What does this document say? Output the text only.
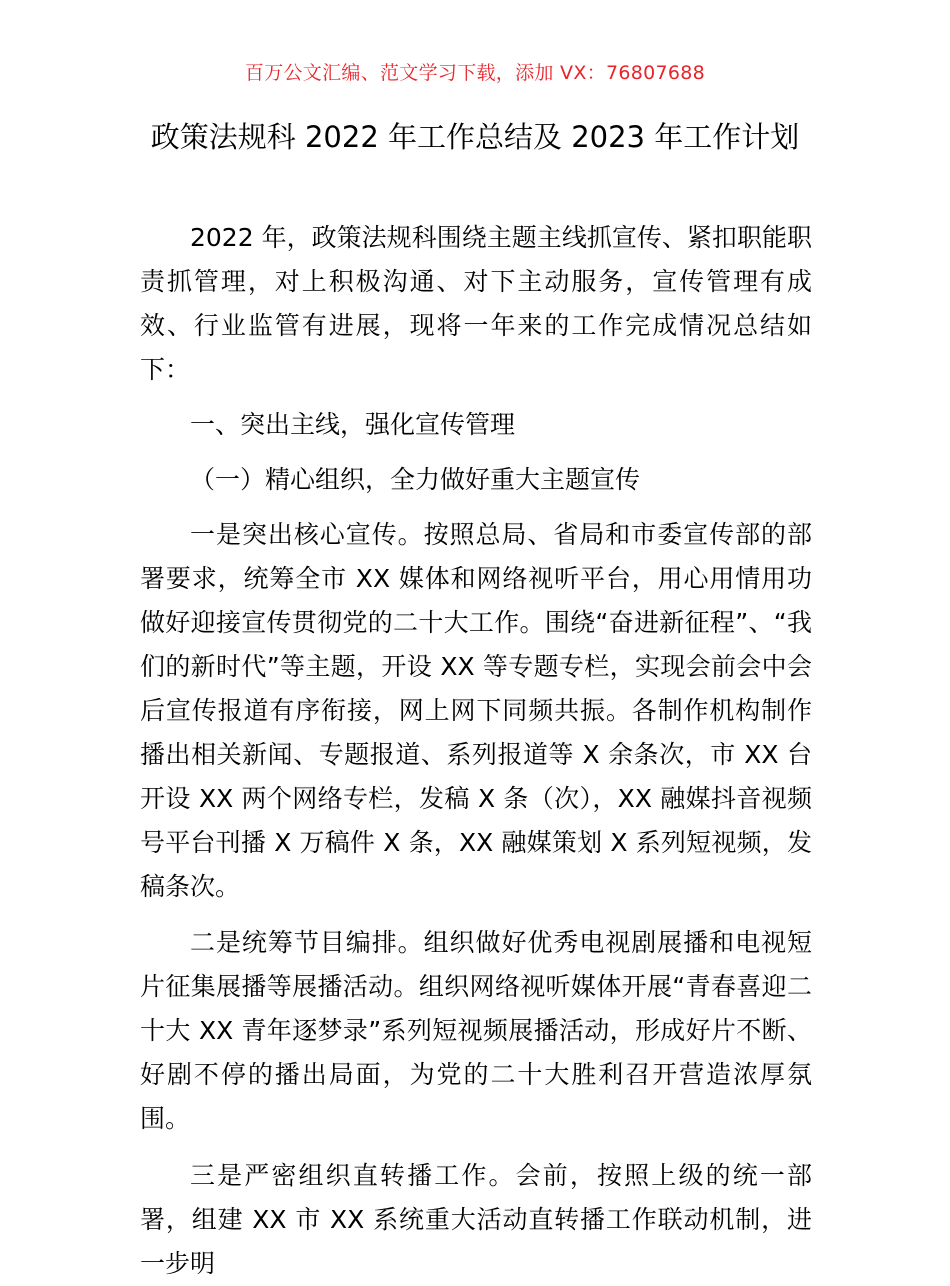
百万公文汇编、范文学习下载，添加 VX：76807688
政策法规科 2022 年工作总结及 2023 年工作计划

2022 年，政策法规科围绕主题主线抓宣传、紧扣职能职责抓管理，对上积极沟通、对下主动服务，宣传管理有成效、行业监管有进展，现将一年来的工作完成情况总结如下：

一、突出主线，强化宣传管理

（一）精心组织，全力做好重大主题宣传

一是突出核心宣传。按照总局、省局和市委宣传部的部署要求，统筹全市 XX 媒体和网络视听平台，用心用情用功做好迎接宣传贯彻党的二十大工作。围绕“奋进新征程”、“我们的新时代”等主题，开设 XX 等专题专栏，实现会前会中会后宣传报道有序衔接，网上网下同频共振。各制作机构制作播出相关新闻、专题报道、系列报道等 X 余条次，市 XX 台开设 XX 两个网络专栏，发稿 X 条（次），XX 融媒抖音视频号平台刊播 X 万稿件 X 条，XX 融媒策划 X 系列短视频，发稿条次。

二是统筹节目编排。组织做好优秀电视剧展播和电视短片征集展播等展播活动。组织网络视听媒体开展“青春喜迎二十大 XX 青年逐梦录”系列短视频展播活动，形成好片不断、好剧不停的播出局面，为党的二十大胜利召开营造浓厚氛围。

三是严密组织直转播工作。会前，按照上级的统一部署，组建 XX 市 XX 系统重大活动直转播工作联动机制，进一步明
